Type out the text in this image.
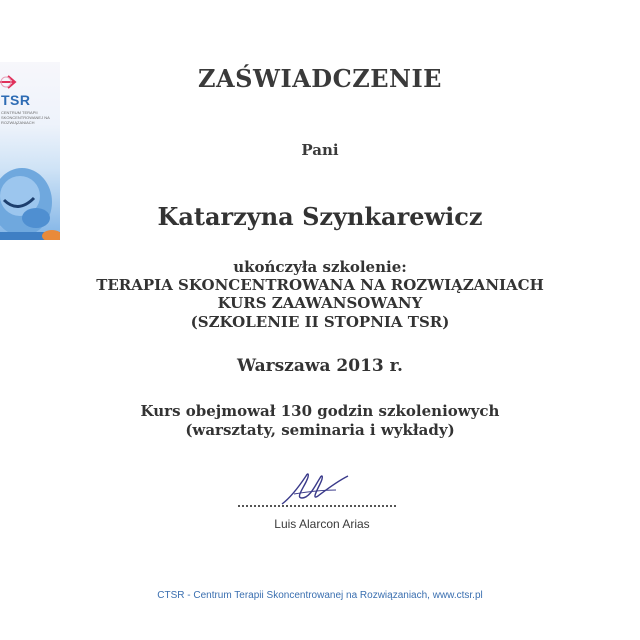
TSR
CENTRUM TERAPII SKONCENTROWANEJ NA ROZWIĄZANIACH
ZAŚWIADCZENIE
Pani
Katarzyna Szynkarewicz
ukończyła szkolenie:
TERAPIA SKONCENTROWANA NA ROZWIĄZANIACH
KURS ZAAWANSOWANY
(SZKOLENIE II STOPNIA TSR)
Warszawa 2013 r.
Kurs obejmował 130 godzin szkoleniowych
(warsztaty, seminaria i wykłady)
Luis Alarcon Arias
CTSR - Centrum Terapii Skoncentrowanej na Rozwiązaniach, www.ctsr.pl
